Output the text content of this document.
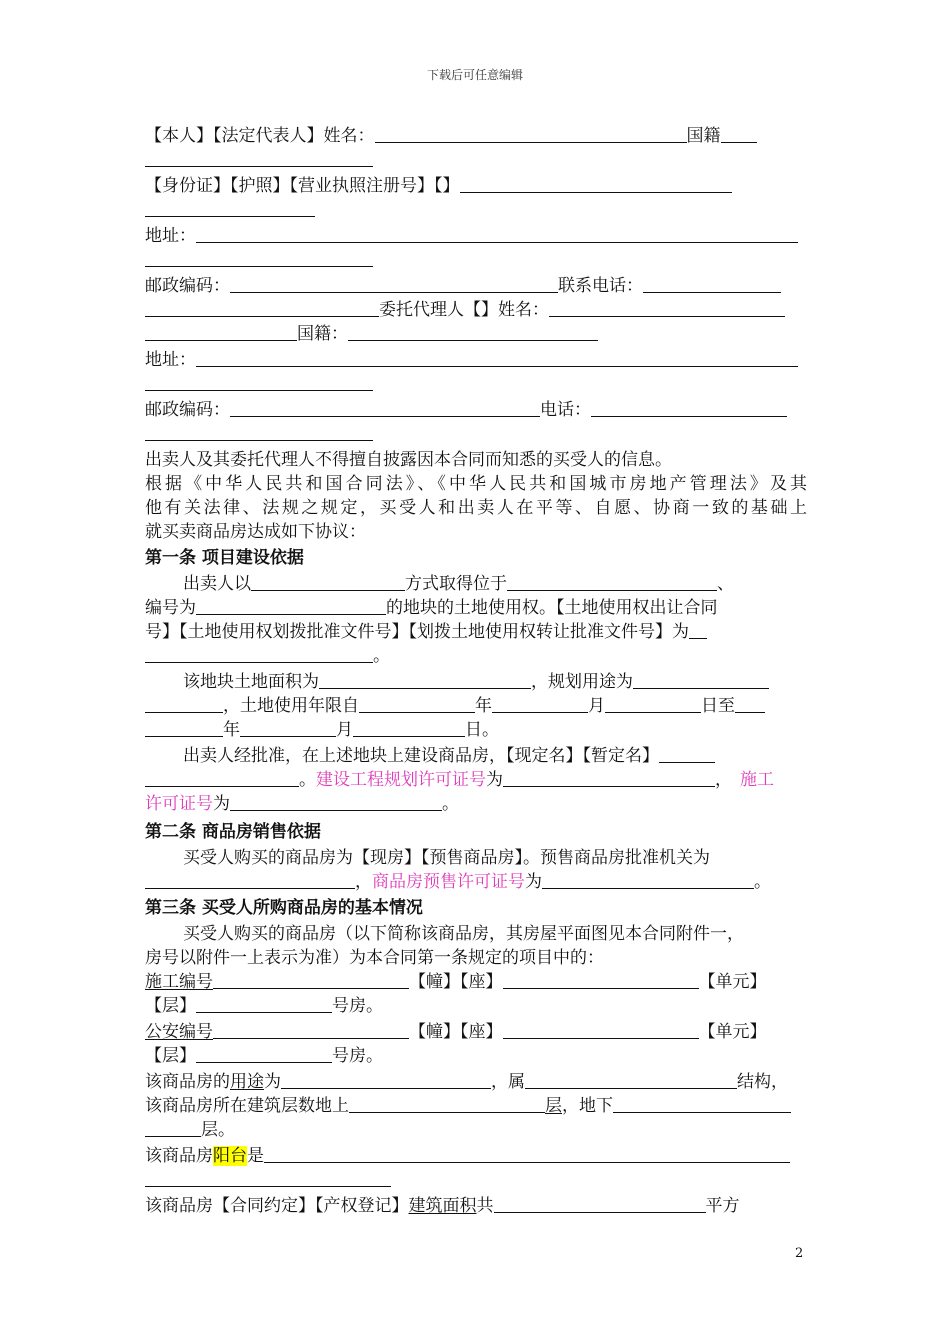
下载后可任意编辑
【本人】【法定代表人】姓名：	国籍
【身份证】【护照】【营业执照注册号】【】
地址：
邮政编码：	联系电话：
委托代理人【】姓名：
国籍：
地址：
邮政编码：	电话：
出卖人及其委托代理人不得擅自披露因本合同而知悉的买受人的信息。
根据《中华人民共和国合同法》、《中华人民共和国城市房地产管理法》及其
他有关法律、法规之规定，买受人和出卖人在平等、自愿、协商一致的基础上
就买卖商品房达成如下协议：
第一条 项目建设依据
出卖人以	方式取得位于	、
编号为	的地块的土地使用权。【土地使用权出让合同
号】【土地使用权划拨批准文件号】【划拨土地使用权转让批准文件号】为
。
该地块土地面积为	，规划用途为
，土地使用年限自	年	月	日至
年	月	日。
出卖人经批准，在上述地块上建设商品房，【现定名】【暂定名】
。建设工程规划许可证号为	， 施工
许可证号为	。
第二条 商品房销售依据
买受人购买的商品房为【现房】【预售商品房】。预售商品房批准机关为
，商品房预售许可证号为	。
第三条 买受人所购商品房的基本情况
买受人购买的商品房（以下简称该商品房，其房屋平面图见本合同附件一，
房号以附件一上表示为准）为本合同第一条规定的项目中的：
施工编号	【幢】【座】	【单元】
【层】	号房。
公安编号	【幢】【座】	【单元】
【层】	号房。
该商品房的用途为	，属	结构，
该商品房所在建筑层数地上	层，地下
层。
该商品房阳台是
该商品房【合同约定】【产权登记】建筑面积共	平方
2
